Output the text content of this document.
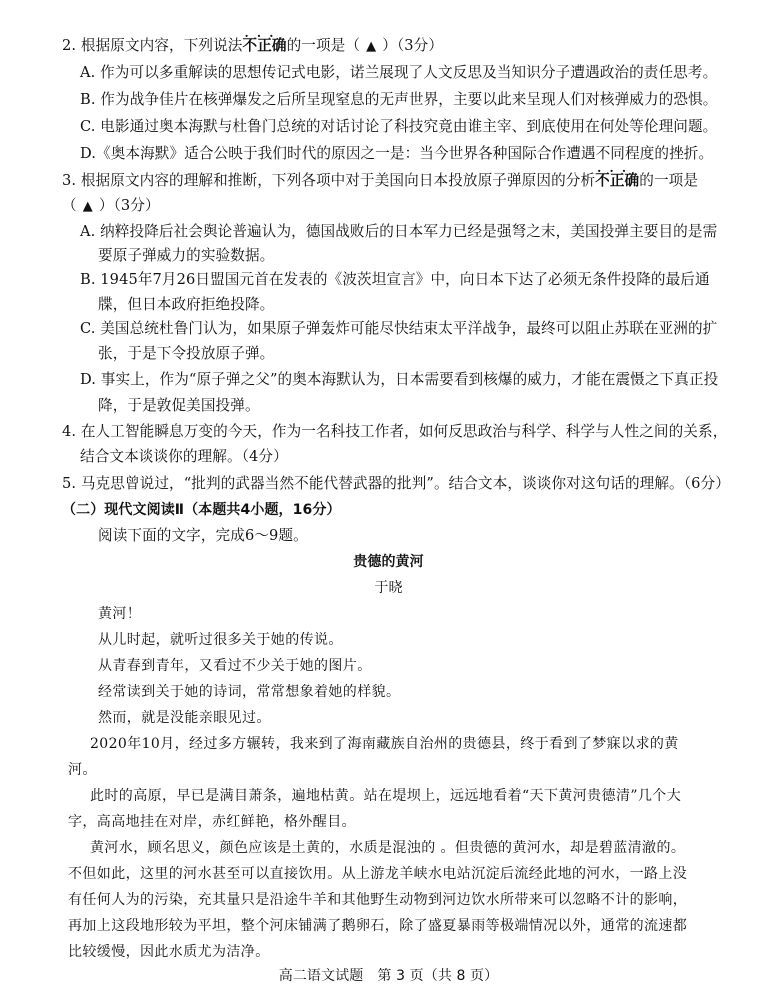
2. 根据原文内容，下列说法不正确 · · ·的一项是（ ▲ ）（3分）
A. 作为可以多重解读的思想传记式电影，诺兰展现了人文反思及当知识分子遭遇政治的责任思考。
B. 作为战争佳片在核弹爆发之后所呈现窒息的无声世界，主要以此来呈现人们对核弹威力的恐惧。
C. 电影通过奥本海默与杜鲁门总统的对话讨论了科技究竟由谁主宰、到底使用在何处等伦理问题。
D.《奥本海默》适合公映于我们时代的原因之一是：当今世界各种国际合作遭遇不同程度的挫折。
3. 根据原文内容的理解和推断，下列各项中对于美国向日本投放原子弹原因的分析不正确 · · ·的一项是
（ ▲ ）（3分）
A. 纳粹投降后社会舆论普遍认为，德国战败后的日本军力已经是强弩之末，美国投弹主要目的是需
要原子弹威力的实验数据。
B. 1945年7月26日盟国元首在发表的《波茨坦宣言》中，向日本下达了必须无条件投降的最后通
牒，但日本政府拒绝投降。
C. 美国总统杜鲁门认为，如果原子弹轰炸可能尽快结束太平洋战争，最终可以阻止苏联在亚洲的扩
张，于是下令投放原子弹。
D. 事实上，作为“原子弹之父”的奥本海默认为，日本需要看到核爆的威力，才能在震慑之下真正投
降，于是敦促美国投弹。
4. 在人工智能瞬息万变的今天，作为一名科技工作者，如何反思政治与科学、科学与人性之间的关系，
结合文本谈谈你的理解。（4分）
5. 马克思曾说过，“批判的武器当然不能代替武器的批判”。结合文本，谈谈你对这句话的理解。（6分）
（二）现代文阅读Ⅱ（本题共4小题，16分）
阅读下面的文字，完成6～9题。
贵德的黄河
于晓
黄河！
从儿时起，就听过很多关于她的传说。
从青春到青年，又看过不少关于她的图片。
经常读到关于她的诗词，常常想象着她的样貌。
然而，就是没能亲眼见过。
2020年10月，经过多方辗转，我来到了海南藏族自治州的贵德县，终于看到了梦寐以求的黄
河。
此时的高原，早已是满目萧条，遍地枯黄。站在堤坝上，远远地看着“天下黄河贵德清”几个大
字，高高地挂在对岸，赤红鲜艳，格外醒目。
黄河水，顾名思义，颜色应该是土黄的，水质是混浊的 。但贵德的黄河水，却是碧蓝清澈的。
不但如此，这里的河水甚至可以直接饮用。从上游龙羊峡水电站沉淀后流经此地的河水，一路上没
有任何人为的污染，充其量只是沿途牛羊和其他野生动物到河边饮水所带来可以忽略不计的影响，
再加上这段地形较为平坦，整个河床铺满了鹅卵石，除了盛夏暴雨等极端情况以外，通常的流速都
比较缓慢，因此水质尤为洁净。
高二语文试题　第 3 页（共 8 页）
